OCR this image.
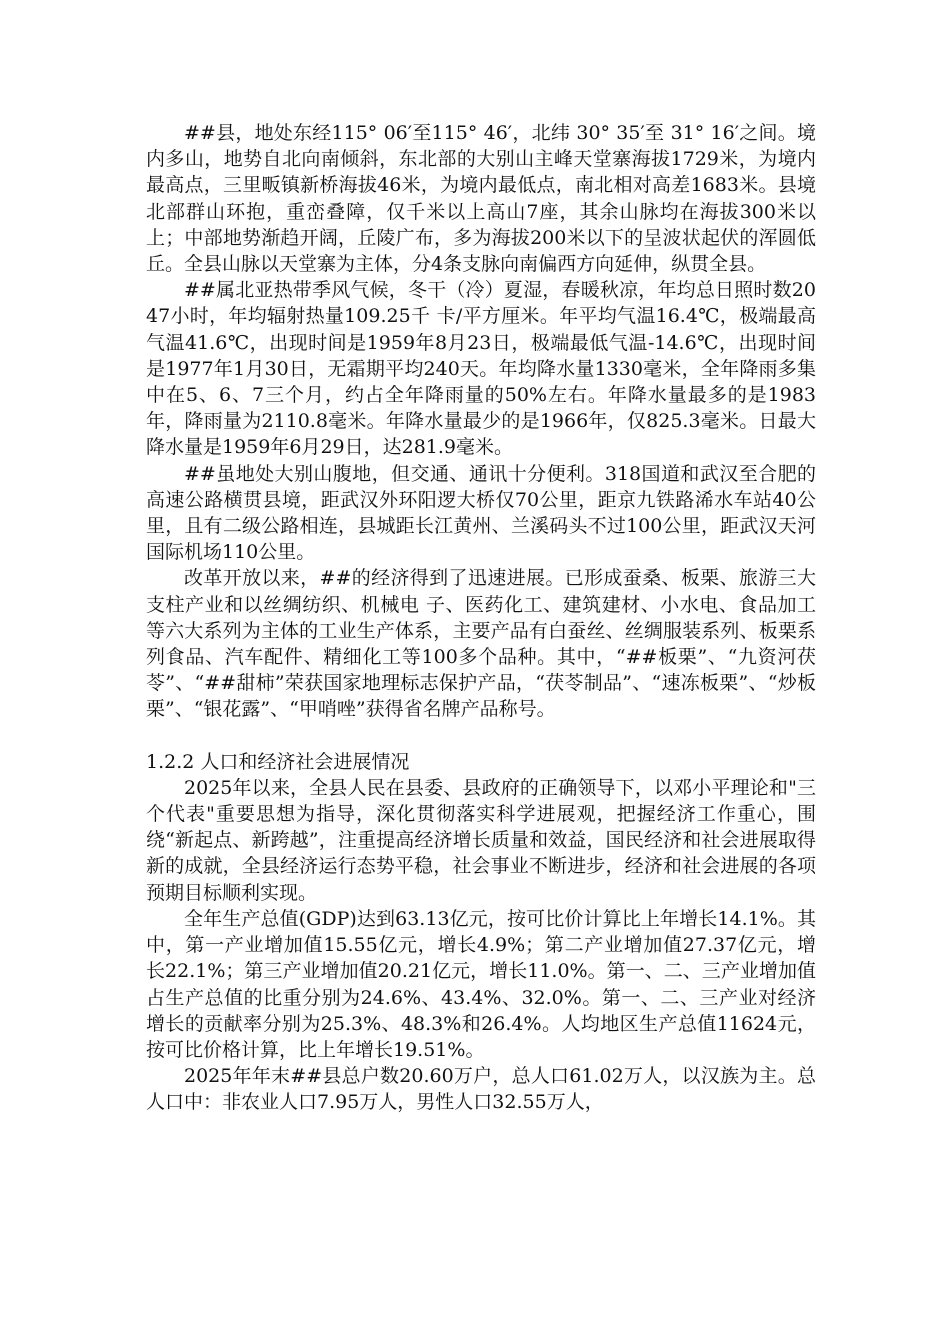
##县，地处东经115° 06′至115° 46′，北纬 30° 35′至 31° 16′之间。境内多山，地势自北向南倾斜，东北部的大别山主峰天堂寨海拔1729米，为境内最高点，三里畈镇新桥海拔46米，为境内最低点，南北相对高差1683米。县境北部群山环抱，重峦叠障，仅千米以上高山7座，其余山脉均在海拔300米以上；中部地势渐趋开阔，丘陵广布，多为海拔200米以下的呈波状起伏的浑圆低丘。全县山脉以天堂寨为主体，分4条支脉向南偏西方向延伸，纵贯全县。

##属北亚热带季风气候，冬干（冷）夏湿，春暖秋凉，年均总日照时数2047小时，年均辐射热量109.25千 卡/平方厘米。年平均气温16.4℃，极端最高气温41.6℃，出现时间是1959年8月23日，极端最低气温-14.6℃，出现时间是1977年1月30日，无霜期平均240天。年均降水量1330毫米，全年降雨多集中在5、6、7三个月，约占全年降雨量的50%左右。年降水量最多的是1983年，降雨量为2110.8毫米。年降水量最少的是1966年，仅825.3毫米。日最大降水量是1959年6月29日，达281.9毫米。

##虽地处大别山腹地，但交通、通讯十分便利。318国道和武汉至合肥的高速公路横贯县境，距武汉外环阳逻大桥仅70公里，距京九铁路浠水车站40公里，且有二级公路相连，县城距长江黄州、兰溪码头不过100公里，距武汉天河国际机场110公里。

改革开放以来，##的经济得到了迅速进展。已形成蚕桑、板栗、旅游三大支柱产业和以丝绸纺织、机械电 子、医药化工、建筑建材、小水电、食品加工等六大系列为主体的工业生产体系，主要产品有白蚕丝、丝绸服装系列、板栗系列食品、汽车配件、精细化工等100多个品种。其中，“##板栗”、“九资河茯苓”、“##甜柿”荣获国家地理标志保护产品，“茯苓制品”、“速冻板栗”、“炒板栗”、“银花露”、“甲哨唑”获得省名牌产品称号。

1.2.2 人口和经济社会进展情况

2025年以来，全县人民在县委、县政府的正确领导下，以邓小平理论和"三个代表"重要思想为指导，深化贯彻落实科学进展观，把握经济工作重心，围绕“新起点、新跨越”，注重提高经济增长质量和效益，国民经济和社会进展取得新的成就，全县经济运行态势平稳，社会事业不断进步，经济和社会进展的各项预期目标顺利实现。

全年生产总值(GDP)达到63.13亿元，按可比价计算比上年增长14.1%。其中，第一产业增加值15.55亿元，增长4.9%；第二产业增加值27.37亿元，增长22.1%；第三产业增加值20.21亿元，增长11.0%。第一、二、三产业增加值占生产总值的比重分别为24.6%、43.4%、32.0%。第一、二、三产业对经济增长的贡献率分别为25.3%、48.3%和26.4%。人均地区生产总值11624元，按可比价格计算，比上年增长19.51%。

2025年年末##县总户数20.60万户，总人口61.02万人，以汉族为主。总人口中：非农业人口7.95万人，男性人口32.55万人，
